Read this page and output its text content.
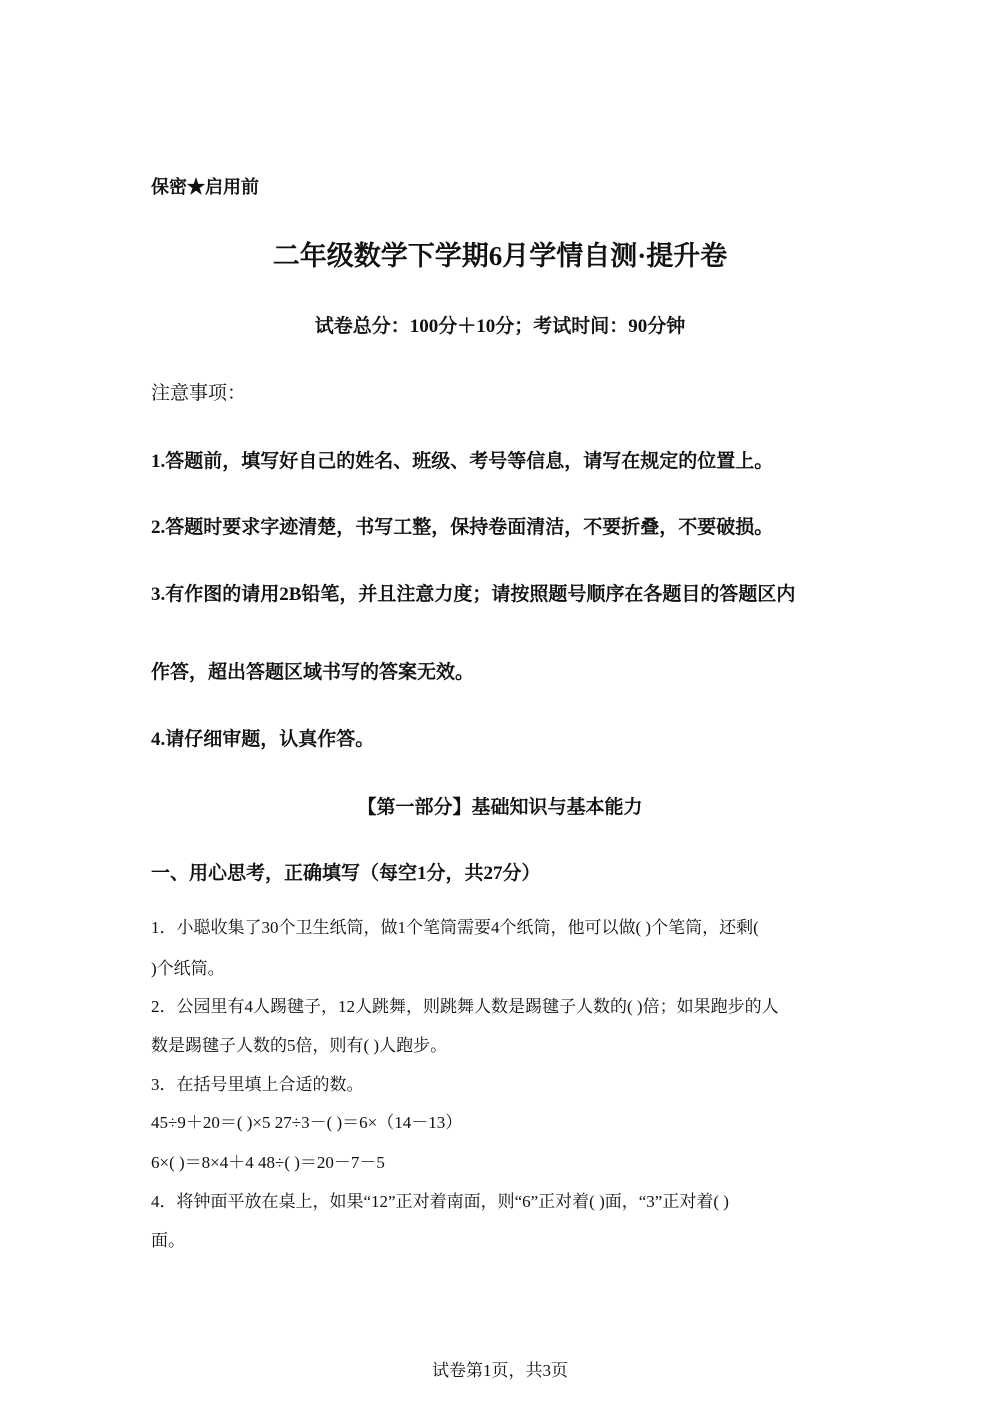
保密★启用前
二年级数学下学期6月学情自测·提升卷
试卷总分：100分＋10分；考试时间：90分钟
注意事项：
1.答题前，填写好自己的姓名、班级、考号等信息，请写在规定的位置上。
2.答题时要求字迹清楚，书写工整，保持卷面清洁，不要折叠，不要破损。
3.有作图的请用2B铅笔，并且注意力度；请按照题号顺序在各题目的答题区内
作答，超出答题区域书写的答案无效。
4.请仔细审题，认真作答。
【第一部分】基础知识与基本能力
一、用心思考，正确填写（每空1分，共27分）
1．小聪收集了30个卫生纸筒，做1个笔筒需要4个纸筒，他可以做( )个笔筒，还剩(
)个纸筒。
2．公园里有4人踢毽子，12人跳舞，则跳舞人数是踢毽子人数的( )倍；如果跑步的人
数是踢毽子人数的5倍，则有( )人跑步。
3．在括号里填上合适的数。
45÷9＋20＝( )×5 27÷3－( )＝6×（14－13）
6×( )＝8×4＋4 48÷( )＝20－7－5
4．将钟面平放在桌上，如果“12”正对着南面，则“6”正对着( )面，“3”正对着( )
面。
试卷第1页，共3页
